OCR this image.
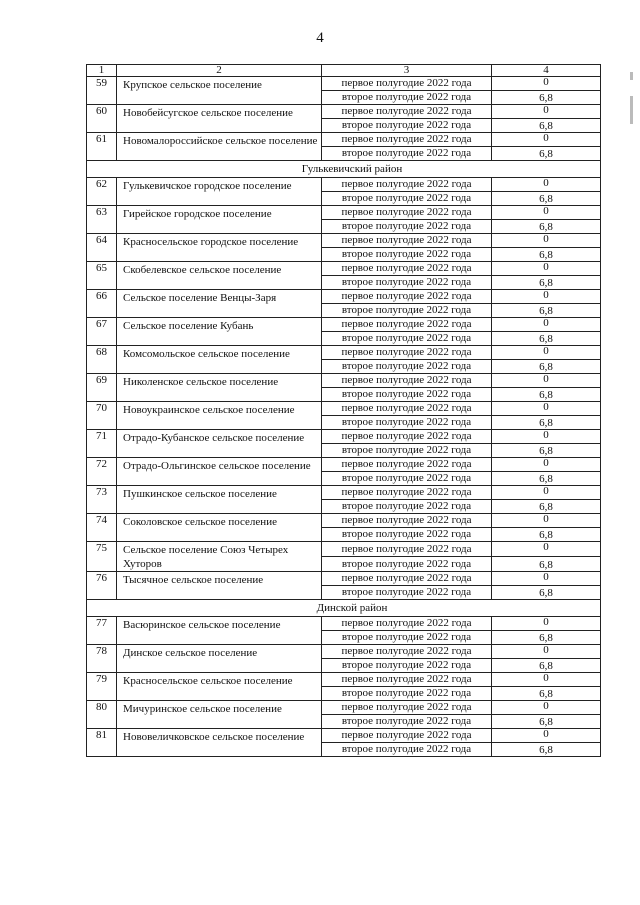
4
1	2	3	4
59	Крупское сельское поселение	первое полугодие 2022 года	0
		второе полугодие 2022 года	6,8
60	Новобейсугское сельское поселение	первое полугодие 2022 года	0
		второе полугодие 2022 года	6,8
61	Новомалороссийское сельское поселение	первое полугодие 2022 года	0
		второе полугодие 2022 года	6,8
Гулькевичский район			
62	Гулькевичское городское поселение	первое полугодие 2022 года	0
		второе полугодие 2022 года	6,8
63	Гирейское городское поселение	первое полугодие 2022 года	0
		второе полугодие 2022 года	6,8
64	Красносельское городское поселение	первое полугодие 2022 года	0
		второе полугодие 2022 года	6,8
65	Скобелевское сельское поселение	первое полугодие 2022 года	0
		второе полугодие 2022 года	6,8
66	Сельское поселение Венцы-Заря	первое полугодие 2022 года	0
		второе полугодие 2022 года	6,8
67	Сельское поселение Кубань	первое полугодие 2022 года	0
		второе полугодие 2022 года	6,8
68	Комсомольское сельское поселение	первое полугодие 2022 года	0
		второе полугодие 2022 года	6,8
69	Николенское сельское поселение	первое полугодие 2022 года	0
		второе полугодие 2022 года	6,8
70	Новоукраинское сельское поселение	первое полугодие 2022 года	0
		второе полугодие 2022 года	6,8
71	Отрадо-Кубанское сельское поселение	первое полугодие 2022 года	0
		второе полугодие 2022 года	6,8
72	Отрадо-Ольгинское сельское поселение	первое полугодие 2022 года	0
		второе полугодие 2022 года	6,8
73	Пушкинское сельское поселение	первое полугодие 2022 года	0
		второе полугодие 2022 года	6,8
74	Соколовское сельское поселение	первое полугодие 2022 года	0
		второе полугодие 2022 года	6,8
75	Сельское поселение Союз Четырех Хуторов	первое полугодие 2022 года	0
		второе полугодие 2022 года	6,8
76	Тысячное сельское поселение	первое полугодие 2022 года	0
		второе полугодие 2022 года	6,8
Динской район			
77	Васюринское сельское поселение	первое полугодие 2022 года	0
		второе полугодие 2022 года	6,8
78	Динское сельское поселение	первое полугодие 2022 года	0
		второе полугодие 2022 года	6,8
79	Красносельское сельское поселение	первое полугодие 2022 года	0
		второе полугодие 2022 года	6,8
80	Мичуринское сельское поселение	первое полугодие 2022 года	0
		второе полугодие 2022 года	6,8
81	Нововеличковское сельское поселение	первое полугодие 2022 года	0
		второе полугодие 2022 года	6,8
